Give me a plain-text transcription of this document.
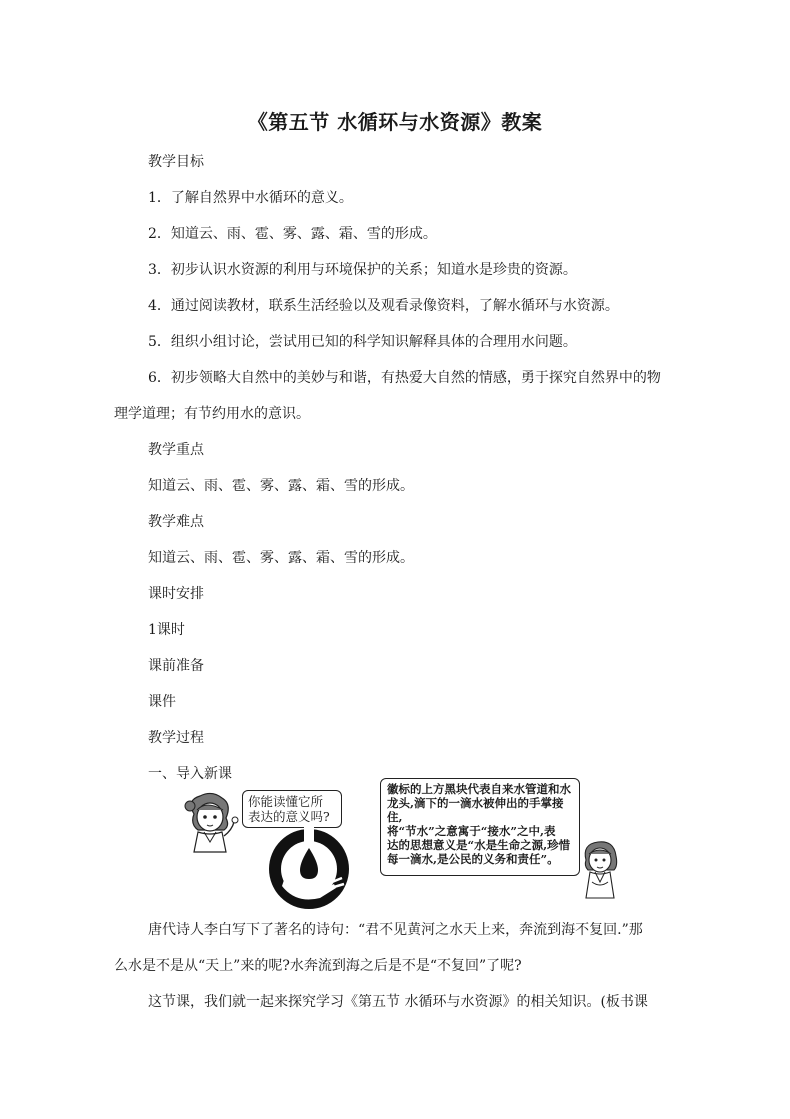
《第五节 水循环与水资源》教案
教学目标
1．了解自然界中水循环的意义。
2．知道云、雨、雹、雾、露、霜、雪的形成。
3．初步认识水资源的利用与环境保护的关系；知道水是珍贵的资源。
4．通过阅读教材，联系生活经验以及观看录像资料，了解水循环与水资源。
5．组织小组讨论，尝试用已知的科学知识解释具体的合理用水问题。
6．初步领略大自然中的美妙与和谐，有热爱大自然的情感，勇于探究自然界中的物
理学道理；有节约用水的意识。
教学重点
知道云、雨、雹、雾、露、霜、雪的形成。
教学难点
知道云、雨、雹、雾、露、霜、雪的形成。
课时安排
1课时
课前准备
课件
教学过程
一、导入新课
你能读懂它所
表达的意义吗?
徽标的上方黑块代表自来水管道和水
龙头,滴下的一滴水被伸出的手掌接住,
将“节水”之意寓于“接水”之中,表
达的思想意义是“水是生命之源,珍惜
每一滴水,是公民的义务和责任”。
唐代诗人李白写下了著名的诗句：“君不见黄河之水天上来，奔流到海不复回.”那
么水是不是从“天上”来的呢?水奔流到海之后是不是“不复回”了呢?
这节课，我们就一起来探究学习《第五节 水循环与水资源》的相关知识。(板书课
